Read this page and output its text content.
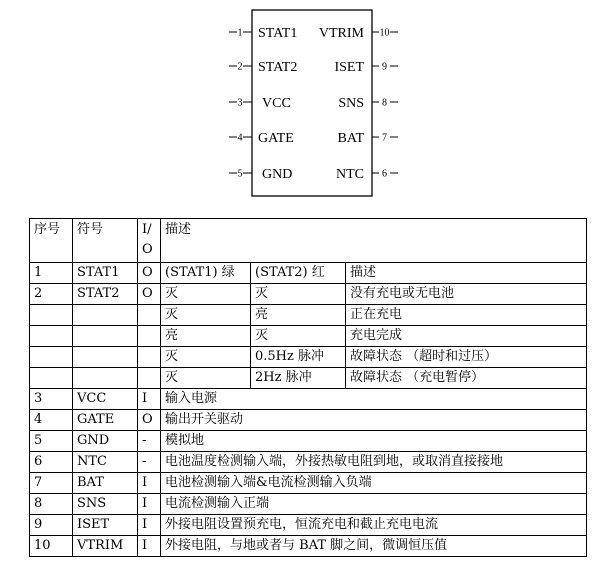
1 STAT1
2 STAT2
3 VCC
4 GATE
5 GND
10
VTRIM
9
ISET
8
SNS
7
BAT
6
NTC
序号	符号	I/
O	描述		
1	STAT1	O	(STAT1) 绿	(STAT2) 红	描述
2	STAT2	O	灭	灭	没有充电或无电池
			灭	亮	正在充电
			亮	灭	充电完成
			灭	0.5Hz 脉冲	故障状态 （超时和过压）
			灭	2Hz 脉冲	故障状态 （充电暂停）
3	VCC	I	输入电源		
4	GATE	O	输出开关驱动		
5	GND	-	模拟地		
6	NTC	-	电池温度检测输入端，外接热敏电阻到地，或取消直接接地		
7	BAT	I	电池检测输入端&电流检测输入负端		
8	SNS	I	电流检测输入正端		
9	ISET	I	外接电阻设置预充电，恒流充电和截止充电电流		
10	VTRIM	I	外接电阻，与地或者与 BAT 脚之间，微调恒压值		
